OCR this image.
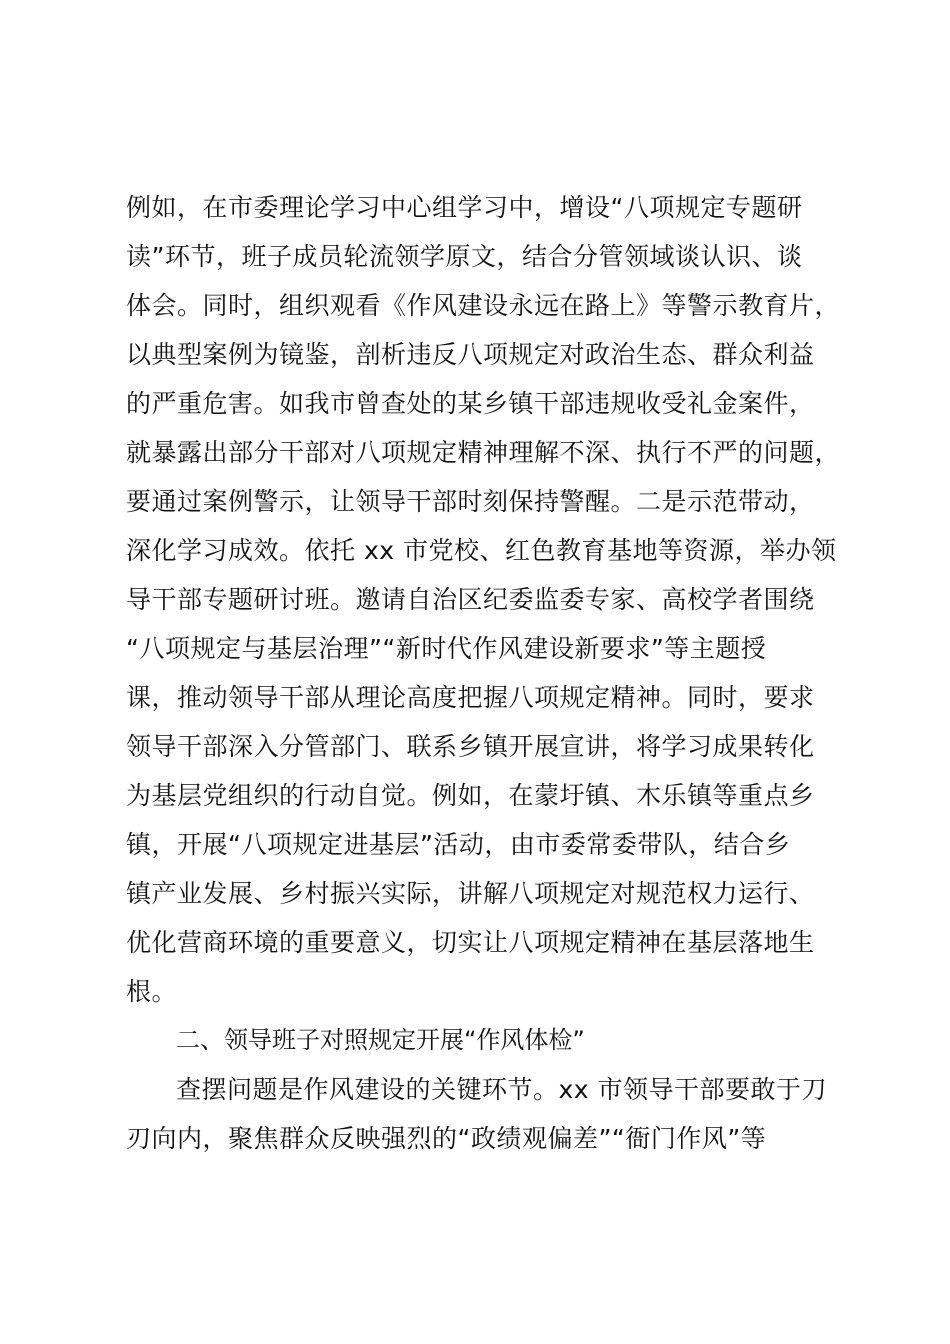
例如，在市委理论学习中心组学习中，增设“八项规定专题研
读”环节，班子成员轮流领学原文，结合分管领域谈认识、谈
体会。同时，组织观看《作风建设永远在路上》等警示教育片，
以典型案例为镜鉴，剖析违反八项规定对政治生态、群众利益
的严重危害。如我市曾查处的某乡镇干部违规收受礼金案件，
就暴露出部分干部对八项规定精神理解不深、执行不严的问题，
要通过案例警示，让领导干部时刻保持警醒。二是示范带动，
深化学习成效。依托 xx 市党校、红色教育基地等资源，举办领
导干部专题研讨班。邀请自治区纪委监委专家、高校学者围绕
“八项规定与基层治理”“新时代作风建设新要求”等主题授
课，推动领导干部从理论高度把握八项规定精神。同时，要求
领导干部深入分管部门、联系乡镇开展宣讲，将学习成果转化
为基层党组织的行动自觉。例如，在蒙圩镇、木乐镇等重点乡
镇，开展“八项规定进基层”活动，由市委常委带队，结合乡
镇产业发展、乡村振兴实际，讲解八项规定对规范权力运行、
优化营商环境的重要意义，切实让八项规定精神在基层落地生
根。
二、领导班子对照规定开展“作风体检”
查摆问题是作风建设的关键环节。xx 市领导干部要敢于刀
刃向内，聚焦群众反映强烈的“政绩观偏差”“衙门作风”等
